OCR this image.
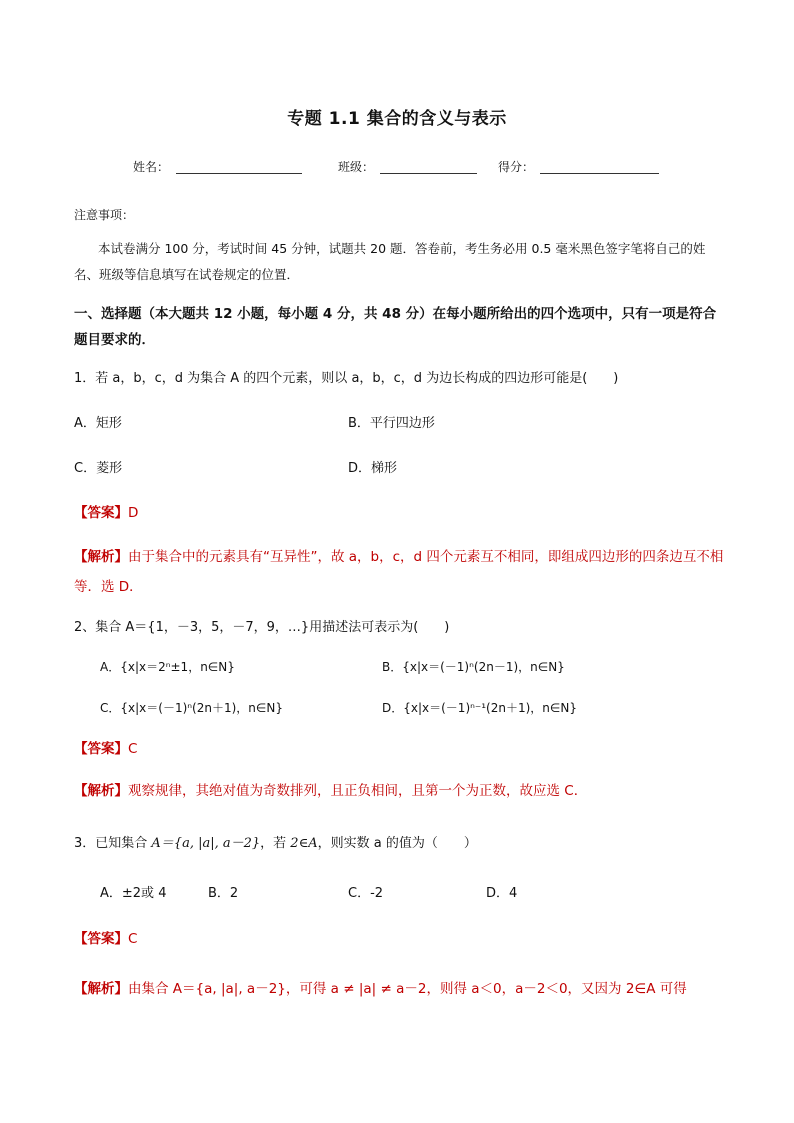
专题 1.1 集合的含义与表示
姓名：	班级：	得分：
注意事项：
本试卷满分 100 分，考试时间 45 分钟，试题共 20 题．答卷前，考生务必用 0.5 毫米黑色签字笔将自己的姓名、班级等信息填写在试卷规定的位置．
一、选择题（本大题共 12 小题，每小题 4 分，共 48 分）在每小题所给出的四个选项中，只有一项是符合题目要求的．
1．若 a，b，c，d 为集合 A 的四个元素，则以 a，b，c，d 为边长构成的四边形可能是(　　)
A．矩形	B．平行四边形
C．菱形	D．梯形
【答案】D
【解析】由于集合中的元素具有“互异性”，故 a，b，c，d 四个元素互不相同，即组成四边形的四条边互不相等．选 D．
2、集合 A＝{1，－3，5，－7，9，…}用描述法可表示为(　　)
A．{x|x＝2ⁿ±1，n∈N}	B．{x|x＝(－1)ⁿ(2n－1)，n∈N}
C．{x|x＝(－1)ⁿ(2n＋1)，n∈N}	D．{x|x＝(－1)ⁿ⁻¹(2n＋1)，n∈N}
【答案】C
【解析】观察规律，其绝对值为奇数排列，且正负相间，且第一个为正数，故应选 C．
3．已知集合 A＝{a, |a|, a－2}，若 2∈A，则实数 a 的值为（　　）
A．±2或 4	B．2	C．-2	D．4
【答案】C
【解析】由集合 A＝{a, |a|, a－2}，可得 a ≠ |a| ≠ a－2，则得 a＜0，a－2＜0，又因为 2∈A 可得
